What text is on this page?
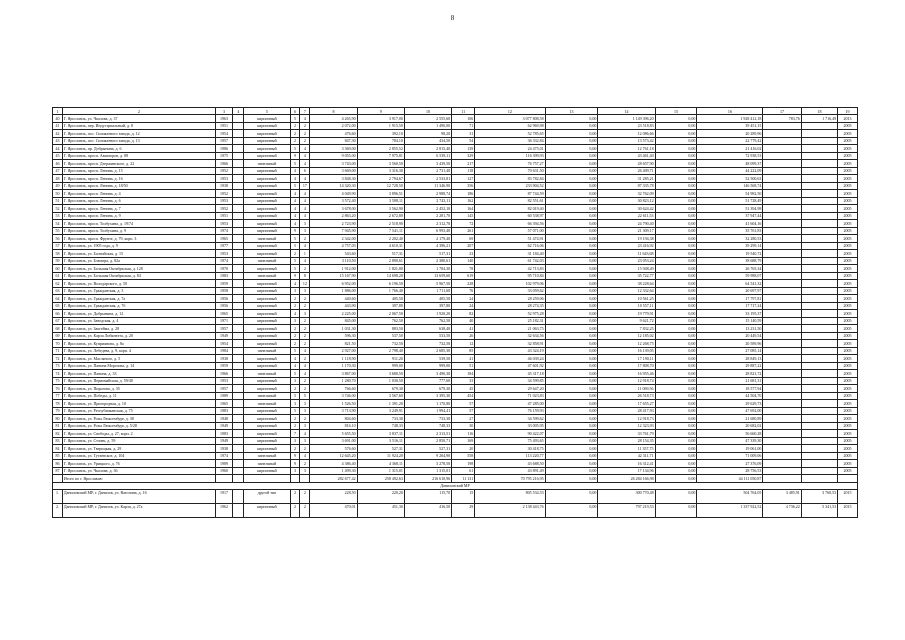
8
1	2	3	4	5	6	7	8	9	10	11	12	13	14	15	16	17	18	19
40	Г. Ярославль, ул. Чкалова, д. 37	1963		кирпичный	5	4	4 265,90	3 917,00	2 555,60	106	3 077 808,58	0,00	1 149 396,20	0,00	1 928 412,18	783,76	1 716,49	2013
41	Г. Ярославль, пер. Индустриальный, д. 8	1951		кирпичный	2	2	2 072,00	1 915,50	1 490,00	71	62 969,98	0,00	23 518,83	0,00	39 451,15			2005
42	Г. Ярославль, пос. Силикатного завода, д. 12	1954		кирпичный	2	2	476,60	392,10	98,20	31	52 785,65	0,00	12 086,66	0,00	20 289,96			2005
43	Г. Ярославль, пос. Силикатного завода, д. 13	1957		кирпичный	2	2	847,30	784,10	434,50	54	36 332,84	0,00	13 573,42	0,00	22 779,42			2005
44	Г. Ярославль, пр. Добрынина, д. 6	1986		кирпичный	5	4	3 369,00	2 855,52	2 815,40	139	24 475,01	0,00	12 761,18	0,00	21 416,02			2005
45	Г. Ярославль, просп. Авиаторов, д. 88	1975		кирпичный	9	4	9 055,00	7 975,81	6 539,11	329	116 399,93	0,00	43 461,40	0,00	72 938,53			2005
46	Г. Ярославль, просп. Дзержинского, д. 22	1966		панельный	5	4	3 743,00	3 560,50	3 439,50	217	76 757,27	0,00	28 657,90	0,00	48 099,37			2005
47	Г. Ярославль, просп. Ленина, д. 15	1952		кирпичный	4	6	3 669,00	3 316,30	2 731,40	118	70 631,50	0,00	26 409,71	0,00	44 222,09			2005
48	Г. Ярославль, просп. Ленина, д. 16	1953		кирпичный	4	4	3 848,30	2 794,67	2 533,81	127	83 782,84	0,00	31 285,21	0,00	52 500,63			2005
49	Г. Ярославль, просп. Ленина, д. 18/50	1938		кирпичный	5	17	14 320,30	12 728,50	11 346,90	356	233 904,52	0,00	87 335,78	0,00	146 568,74			2005
50	Г. Ярославль, просп. Ленина, д. 4	1952		кирпичный	4	4	4 049,90	3 896,51	2 988,74	186	87 744,59	0,00	32 762,09	0,00	54 982,50			2005
51	Г. Ярославль, просп. Ленина, д. 6	1953		кирпичный	4	4	3 572,40	3 508,11	2 743,11	162	82 551,61	0,00	30 823,12	0,00	51 728,49			2005
52	Г. Ярославль, просп. Ленина, д. 7	1952		кирпичный	4	4	3 678,00	3 562,90	2 452,10	164	82 019,40	0,00	30 624,42	0,00	51 394,98			2005
53	Г. Ярославль, просп. Ленина, д. 9	1951		кирпичный	4	4	2 863,20	2 672,80	2 281,70	145	60 538,97	0,00	22 611,53	0,00	37 947,44			2005
54	Г. Ярославль, просп. Толбухина, д. 19/74	1953		кирпичный	4	3	2 723,90	2 518,90	2 312,70	72	66 394,56	0,00	24 790,40	0,00	41 604,16			2005
55	Г. Ярославль, просп. Толбухина, д. 9	1974		кирпичный	9	3	7 945,90	7 541,11	6 993,40	261	57 071,00	0,00	21 309,17	0,00	35 761,83			2005
56	Г. Ярославль, просп. Фрунзе, д. 79, корп. 3	1965		панельный	5	2	2 342,00	2 202,40	2 179,40	69	51 474,91	0,00	19 194,38	0,00	32 280,53			2005
57	Г. Ярославль, ул. 1905 года, д. 9	1977		кирпичный	5	4	4 757,03	4 610,31	4 396,21	207	62 716,06	0,00	23 416,92	0,00	39 299,14			2005
58	Г. Ярославль, ул. Балтийская, д. 15	1953		кирпичный	2	1	543,60	517,31	517,31	23	31 184,40	0,00	11 643,68	0,00	19 540,72			2005
59	Г. Ярославль, ул. Блюхера, д. 82а	1974		панельный	5	4	3 110,50	2 890,61	2 380,61	140	61 742,03	0,00	23 053,24	0,00	38 688,79			2005
60	Г. Ярославль, ул. Большая Октябрьская, д. 128	1970		кирпичный	5	2	1 912,00	1 821,00	1 704,30	78	42 713,83	0,00	15 948,49	0,00	26 765,34			2005
61	Г. Ярославль, ул. Большая Октябрьская, д. 84	1983		панельный	9	8	15 167,90	14 698,20	13 659,60	619	95 710,84	0,00	35 722,77	0,00	59 988,07			2005
62	Г. Ярославль, ул. Володарского, д. 50	1959		кирпичный	4	12	6 952,00	6 196,50	5 967,50	228	102 979,06	0,00	38 228,64	0,00	64 541,32			2005
63	Г. Ярославль, ул. Гражданская, д. 3	1958		кирпичный	3	3	1 886,00	1 766,40	1 711,60	76	33 059,62	0,00	12 332,64	0,00	20 697,97			2005
64	Г. Ярославль, ул. Гражданская, д. 7а	1956		кирпичный	2	2	440,60	405,50	405,50	24	28 259,06	0,00	10 561,25	0,00	17 797,81			2005
65	Г. Ярославль, ул. Гражданская, д. 7б	1956		кирпичный	2	2	443,90	397,80	397,80	24	28 274,35	0,00	10 557,11	0,00	17 717,24			2005
66	Г. Ярославль, ул. Добрынина, д. 12	1965		кирпичный	4	3	2 225,00	2 067,50	1 920,20	82	52 975,28	0,00	19 779,91	0,00	33 195,37			2005
67	Г. Ярославль, ул. Заводская, д. 4	1971		кирпичный	3	2	845,00	762,50	762,50	40	25 182,31	0,00	9 621,72	0,00	15 140,59			2005
68	Г. Ярославль, ул. Закгейма, д. 28	1957		кирпичный	2	2	1 031,30	883,50	638,40	41	21 063,75	0,00	7 832,25	0,00	13 231,50			2005
69	Г. Ярославль, ул. Карла Либкнехта, д. 20	1949		кирпичный	2	2	596,30	537,50	533,50	26	32 634,56	0,00	12 185,02	0,00	20 449,54			2005
70	Г. Ярославль, ул. Куприяновa, д. 8а	1954		кирпичный	2	2	821,50	732,50	732,50	12	32 858,91	0,00	12 268,75	0,00	20 589,96			2005
71	Г. Ярославль, ул. Лебедева, д. 9, корп. 4	1984		панельный	5	4	2 927,00	2 798,40	2 685,30	85	43 324,19	0,00	16 139,05	0,00	27 085,14			2005
72	Г. Ярославль, ул. Масляного, д. 5	1938		кирпичный	4	2	1 118,90	911,20	539,50	41	46 039,24	0,00	17 190,11	0,00	28 849,13			2005
73	Г. Ярославль, ул. Панина Морозова, д. 14	1959		кирпичный	4	4	1 170,30	999,00	999,00	51	47 601,92	0,00	17 808,70	0,00	29 887,22			2005
74	Г. Ярославль, ул. Панина, д. 33	1966		панельный	5	4	3 867,00	3 680,50	3 490,30	184	45 317,18	0,00	16 955,46	0,00	28 821,72			2005
75	Г. Ярославль, ул. Первомайская, д. 59/40	1953		кирпичный	3	2	1 280,70	1 030,50	777,60	33	34 599,85	0,00	12 918,74	0,00	21 681,31			2005
76	Г. Ярославль, ул. Пирогова, д. 35	1957		кирпичный	2	2	766,60	679,30	679,30	45	29 647,20	0,00	11 069,56	0,00	18 577,94			2005
77	Г. Ярославль, ул. Победы, д. 11	1989		панельный	5	5	3 746,00	3 567,60	3 395,30	454	71 023,83	0,00	26 518,73	0,00	44 504,70			2005
78	Г. Ярославль, ул. Пригородная, д. 10	1965		панельный	3	3	1 526,50	1 391,20	1 170,80	57	47 285,00	0,00	17 655,27	0,00	29 629,73			2005
79	Г. Ярославль, ул. Республиканская, д. 75	1983		кирпичный	5	3	3 713,90	3 249,91	1 994,41	57	76 159,93	0,00	28 417,93	0,00	47 692,00			2005
80	Г. Ярославль, ул. Розы Люксембург, д. 38	1948		кирпичный	2	2	804,60	733,30	733,30	27	34 599,62	0,00	12 918,73	0,00	21 680,89			2005
81	Г. Ярославль, ул. Розы Люксембург, д. 5/28	1949		кирпичный	2	3	816,10	748,33	748,33	30	33 005,95	0,00	12 323,93	0,00	20 682,02			2005
82	Г. Ярославль, ул. Свободы, д. 27, корп. 2	1983		кирпичный	7	4	5 655,50	3 837,11	2 313,51	116	90 422,07	0,00	33 761,79	0,00	56 660,28			2005
83	Г. Ярославль, ул. Стачек, д. 59	1949		кирпичный	3	3	3 691,00	3 516,11	2 850,71	169	75 493,65	0,00	28 154,35	0,00	47 339,30			2005
84	Г. Ярославль, ул. Тверицкая, д. 29	1938		кирпичный	2	2	576,60	527,31	527,31	20	30 418,75	0,00	11 357,75	0,00	19 061,00			2005
85	Г. Ярославль, ул. Тутаевское, д. 104	1974		панельный	9	4	12 645,20	11 924,20	9 204,90	558	113 220,77	0,00	42 311,71	0,00	71 009,06			2005
86	Г. Ярославль, ул. Урицкого, д. 76	1989		панельный	9	2	4 386,40	4 368,11	3 278,50	198	43 688,50	0,00	16 312,41	0,00	27 376,09			2005
87	Г. Ярославль, ул. Чкалова, д. 36	1960		кирпичный	3	3	1 499,30	1 315,01	1 315,01	61	43 891,49	0,00	17 134,96	0,00	28 756,53			2005
	Итого по г. Ярославлю						282 677,42	258 492,63	216 610,96	11 131	70 795 216,95	0,00	26 284 166,98	0,00	44 111 050,87			
Даниловский МР																		
1.	Даниловский МР, г. Данилов, ул. Ватолина, д. 16	1917		другой тип	2	2	228,50	220,20	115,70	15	805 534,53	0,00	300 770,48	0,00	504 764,05	3 485,91	3 760,53	2015
2.	Даниловский МР, г. Данилов, ул. Карла, д. 27а	1962		кирпичный	2	2	470,01	451,30	416,50	29	2 138 443,76	0,00	797 219,53	0,00	1 337 922,52	4 736,22	5 341,53	2015
